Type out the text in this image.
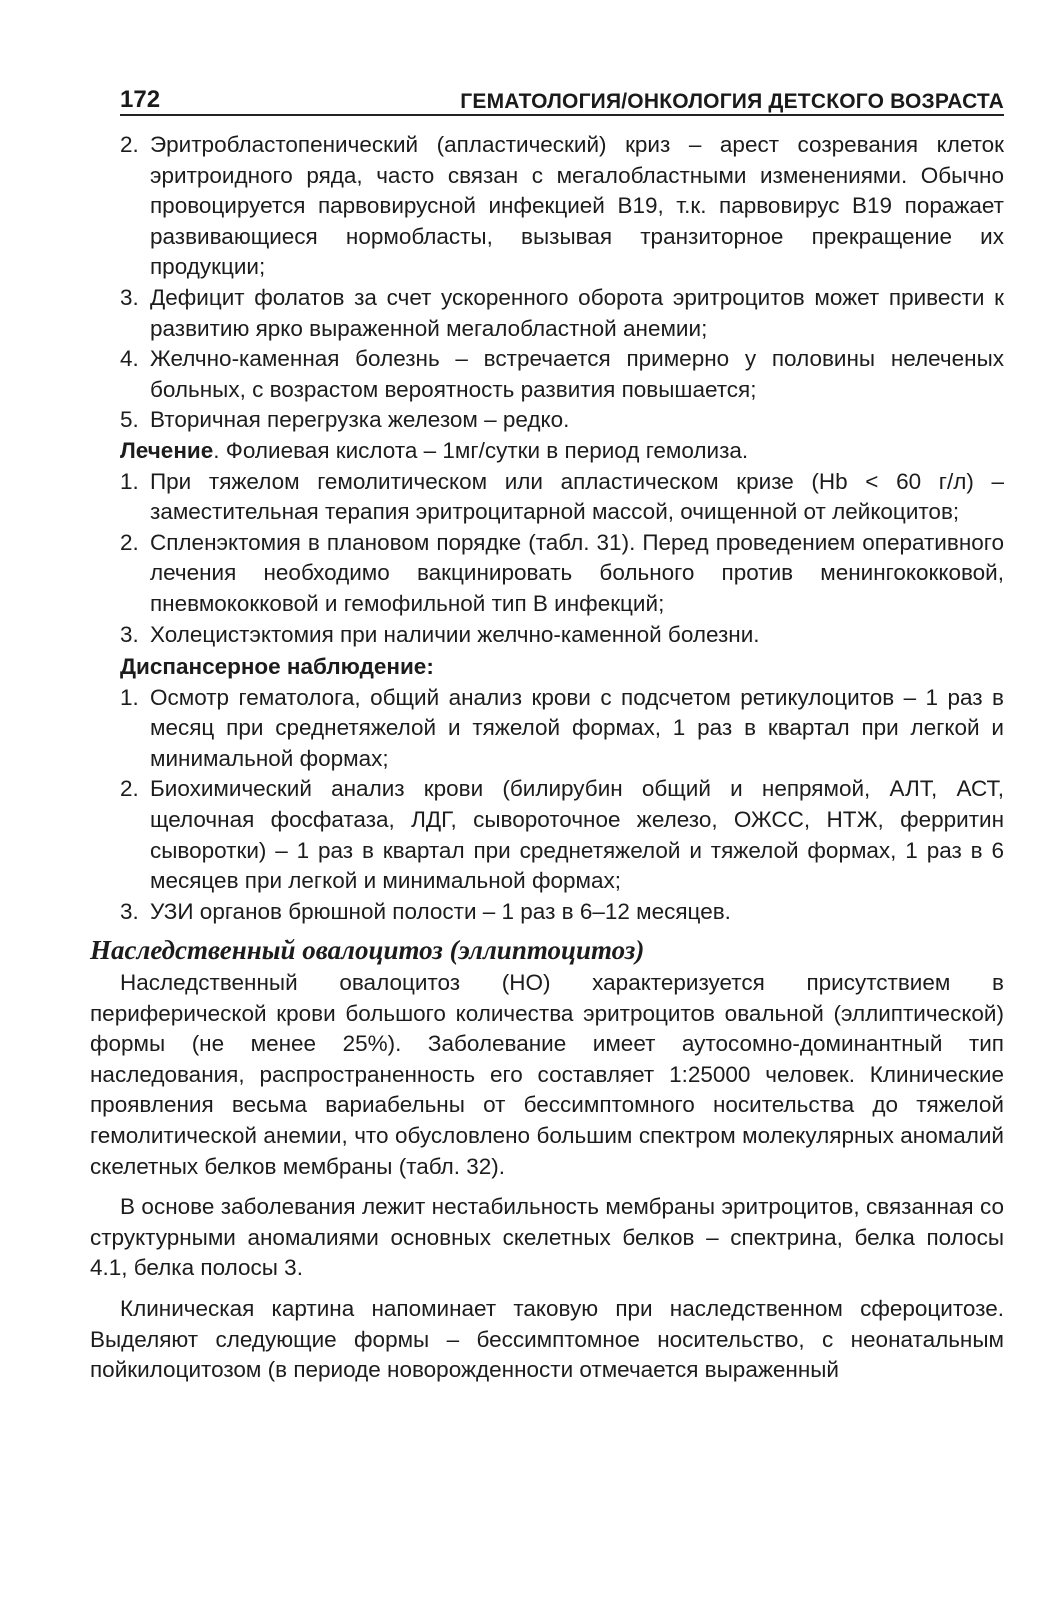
172	ГЕМАТОЛОГИЯ/ОНКОЛОГИЯ ДЕТСКОГО ВОЗРАСТА
2. Эритробластопенический (апластический) криз – арест созревания клеток эритроидного ряда, часто связан с мегалобластными изменениями. Обычно провоцируется парвовирусной инфекцией В19, т.к. парвовирус В19 поражает развивающиеся нормобласты, вызывая транзиторное прекращение их продукции;
3. Дефицит фолатов за счет ускоренного оборота эритроцитов может привести к развитию ярко выраженной мегалобластной анемии;
4. Желчно-каменная болезнь – встречается примерно у половины нелеченых больных, с возрастом вероятность развития повышается;
5. Вторичная перегрузка железом – редко.

Лечение. Фолиевая кислота – 1мг/сутки в период гемолиза.

1. При тяжелом гемолитическом или апластическом кризе (Hb < 60 г/л) – заместительная терапия эритроцитарной массой, очищенной от лейкоцитов;
2. Спленэктомия в плановом порядке (табл. 31). Перед проведением оперативного лечения необходимо вакцинировать больного против менингококковой, пневмококковой и гемофильной тип В инфекций;
3. Холецистэктомия при наличии желчно-каменной болезни.

Диспансерное наблюдение:

1. Осмотр гематолога, общий анализ крови с подсчетом ретикулоцитов – 1 раз в месяц при среднетяжелой и тяжелой формах, 1 раз в квартал при легкой и минимальной формах;
2. Биохимический анализ крови (билирубин общий и непрямой, АЛТ, АСТ, щелочная фосфатаза, ЛДГ, сывороточное железо, ОЖСС, НТЖ, ферритин сыворотки) – 1 раз в квартал при среднетяжелой и тяжелой формах, 1 раз в 6 месяцев при легкой и минимальной формах;
3. УЗИ органов брюшной полости – 1 раз в 6–12 месяцев.
Наследственный овалоцитоз (эллиптоцитоз)

Наследственный овалоцитоз (НО) характеризуется присутствием в периферической крови большого количества эритроцитов овальной (эллиптической) формы (не менее 25%). Заболевание имеет аутосомно-доминантный тип наследования, распространенность его составляет 1:25000 человек. Клинические проявления весьма вариабельны от бессимптомного носительства до тяжелой гемолитической анемии, что обусловлено большим спектром молекулярных аномалий скелетных белков мембраны (табл. 32).

В основе заболевания лежит нестабильность мембраны эритроцитов, связанная со структурными аномалиями основных скелетных белков – спектрина, белка полосы 4.1, белка полосы 3.

Клиническая картина напоминает таковую при наследственном сфероцитозе. Выделяют следующие формы – бессимптомное носительство, с неонатальным пойкилоцитозом (в периоде новорожденности отмечается выраженный
